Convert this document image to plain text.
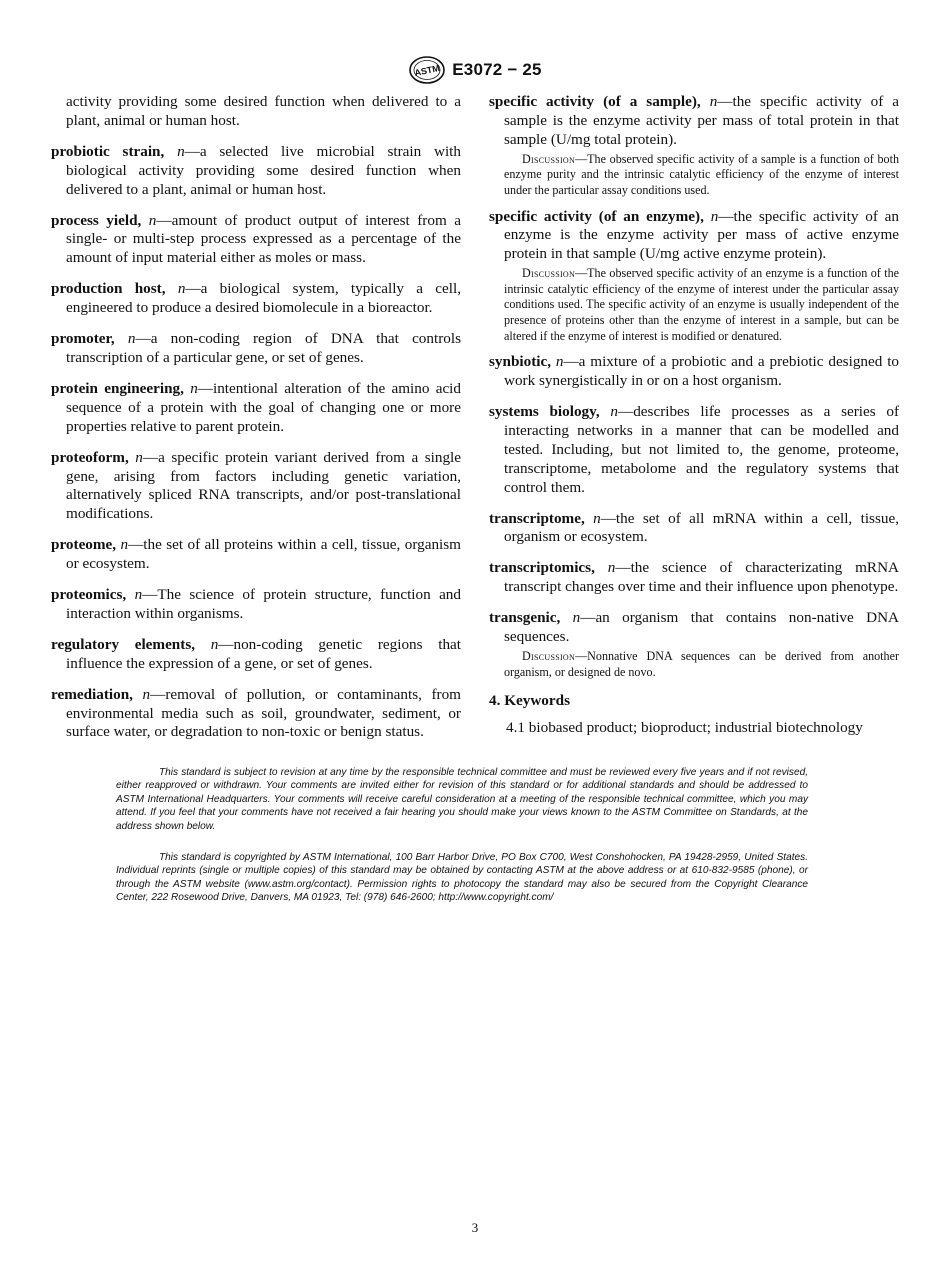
ASTM E3072 − 25

activity providing some desired function when delivered to a plant, animal or human host.

probiotic strain, n—a selected live microbial strain with biological activity providing some desired function when delivered to a plant, animal or human host.

process yield, n—amount of product output of interest from a single- or multi-step process expressed as a percentage of the amount of input material either as moles or mass.

production host, n—a biological system, typically a cell, engineered to produce a desired biomolecule in a bioreactor.

promoter, n—a non-coding region of DNA that controls transcription of a particular gene, or set of genes.

protein engineering, n—intentional alteration of the amino acid sequence of a protein with the goal of changing one or more properties relative to parent protein.

proteoform, n—a specific protein variant derived from a single gene, arising from factors including genetic variation, alternatively spliced RNA transcripts, and/or post-translational modifications.

proteome, n—the set of all proteins within a cell, tissue, organism or ecosystem.

proteomics, n—The science of protein structure, function and interaction within organisms.

regulatory elements, n—non-coding genetic regions that influence the expression of a gene, or set of genes.

remediation, n—removal of pollution, or contaminants, from environmental media such as soil, groundwater, sediment, or surface water, or degradation to non-toxic or benign status.

specific activity (of a sample), n—the specific activity of a sample is the enzyme activity per mass of total protein in that sample (U/mg total protein).

Discussion—The observed specific activity of a sample is a function of both enzyme purity and the intrinsic catalytic efficiency of the enzyme of interest under the particular assay conditions used.

specific activity (of an enzyme), n—the specific activity of an enzyme is the enzyme activity per mass of active enzyme protein in that sample (U/mg active enzyme protein).

Discussion—The observed specific activity of an enzyme is a function of the intrinsic catalytic efficiency of the enzyme of interest under the particular assay conditions used. The specific activity of an enzyme is usually independent of the presence of proteins other than the enzyme of interest in a sample, but can be altered if the enzyme of interest is modified or denatured.

synbiotic, n—a mixture of a probiotic and a prebiotic designed to work synergistically in or on a host organism.

systems biology, n—describes life processes as a series of interacting networks in a manner that can be modelled and tested. Including, but not limited to, the genome, proteome, transcriptome, metabolome and the regulatory systems that control them.

transcriptome, n—the set of all mRNA within a cell, tissue, organism or ecosystem.

transcriptomics, n—the science of characterizating mRNA transcript changes over time and their influence upon phenotype.

transgenic, n—an organism that contains non-native DNA sequences.

Discussion—Nonnative DNA sequences can be derived from another organism, or designed de novo.

4. Keywords

4.1 biobased product; bioproduct; industrial biotechnology

This standard is subject to revision at any time by the responsible technical committee and must be reviewed every five years and if not revised, either reapproved or withdrawn. Your comments are invited either for revision of this standard or for additional standards and should be addressed to ASTM International Headquarters. Your comments will receive careful consideration at a meeting of the responsible technical committee, which you may attend. If you feel that your comments have not received a fair hearing you should make your views known to the ASTM Committee on Standards, at the address shown below.

This standard is copyrighted by ASTM International, 100 Barr Harbor Drive, PO Box C700, West Conshohocken, PA 19428-2959, United States. Individual reprints (single or multiple copies) of this standard may be obtained by contacting ASTM at the above address or at 610-832-9585 (phone), or through the ASTM website (www.astm.org/contact). Permission rights to photocopy the standard may also be secured from the Copyright Clearance Center, 222 Rosewood Drive, Danvers, MA 01923, Tel: (978) 646-2600; http://www.copyright.com/

3
